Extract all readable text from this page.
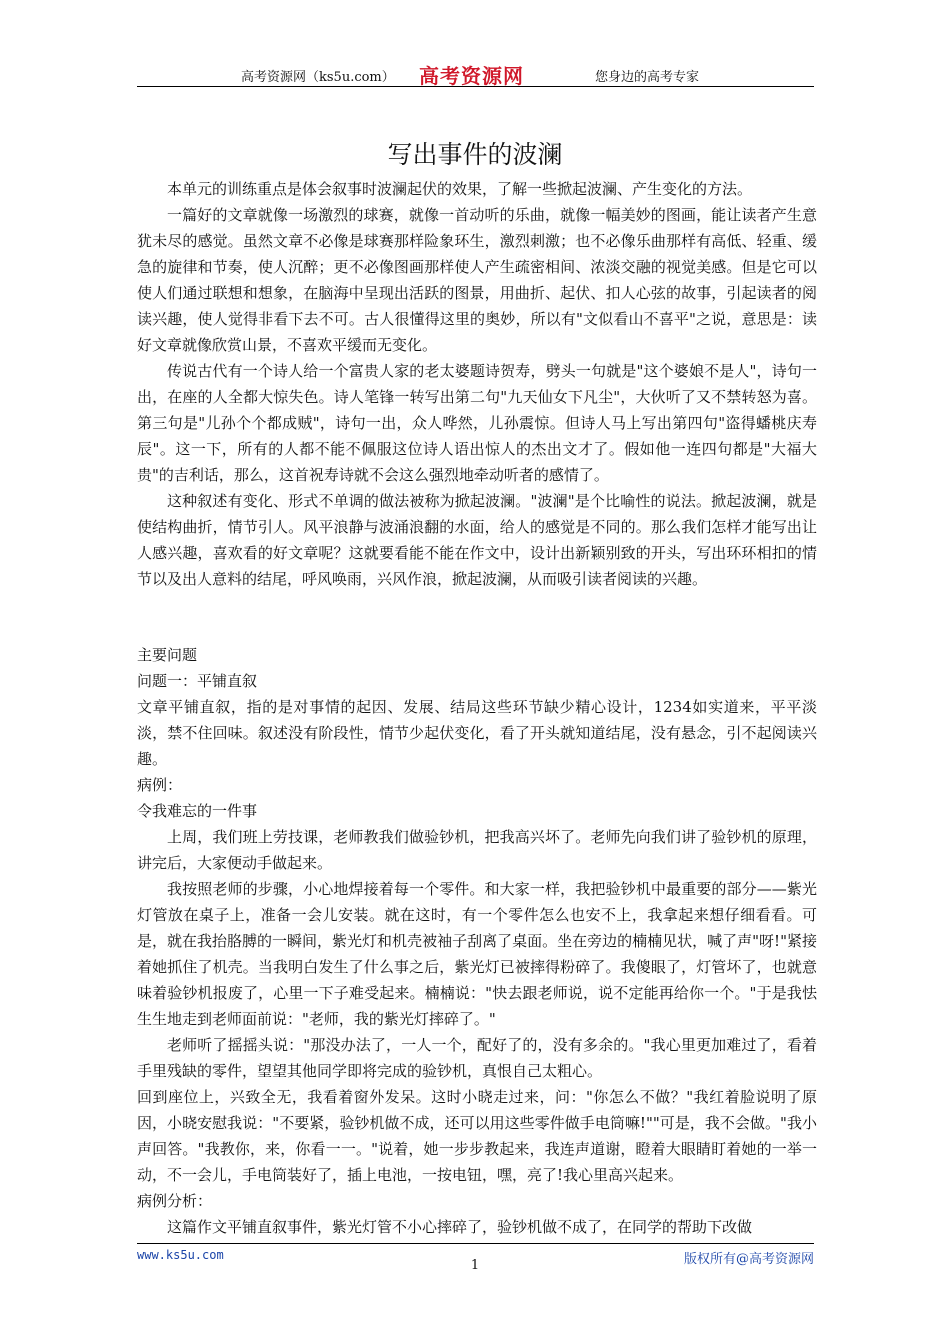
高考资源网（ks5u.com） 高考资源网	您身边的高考专家
写出事件的波澜

本单元的训练重点是体会叙事时波澜起伏的效果，了解一些掀起波澜、产生变化的方法。

一篇好的文章就像一场激烈的球赛，就像一首动听的乐曲，就像一幅美妙的图画，能让读者产生意犹未尽的感觉。虽然文章不必像是球赛那样险象环生，激烈刺激；也不必像乐曲那样有高低、轻重、缓急的旋律和节奏，使人沉醉；更不必像图画那样使人产生疏密相间、浓淡交融的视觉美感。但是它可以使人们通过联想和想象，在脑海中呈现出活跃的图景，用曲折、起伏、扣人心弦的故事，引起读者的阅读兴趣，使人觉得非看下去不可。古人很懂得这里的奥妙，所以有"文似看山不喜平"之说，意思是：读好文章就像欣赏山景，不喜欢平缓而无变化。

传说古代有一个诗人给一个富贵人家的老太婆题诗贺寿，劈头一句就是"这个婆娘不是人"，诗句一出，在座的人全都大惊失色。诗人笔锋一转写出第二句"九天仙女下凡尘"，大伙听了又不禁转怒为喜。第三句是"儿孙个个都成贼"，诗句一出，众人哗然，儿孙震惊。但诗人马上写出第四句"盗得蟠桃庆寿辰"。这一下，所有的人都不能不佩服这位诗人语出惊人的杰出文才了。假如他一连四句都是"大福大贵"的吉利话，那么，这首祝寿诗就不会这么强烈地牵动听者的感情了。

这种叙述有变化、形式不单调的做法被称为掀起波澜。"波澜"是个比喻性的说法。掀起波澜，就是使结构曲折，情节引人。风平浪静与波涌浪翻的水面，给人的感觉是不同的。那么我们怎样才能写出让人感兴趣，喜欢看的好文章呢？这就要看能不能在作文中，设计出新颖别致的开头，写出环环相扣的情节以及出人意料的结尾，呼风唤雨，兴风作浪，掀起波澜，从而吸引读者阅读的兴趣。

主要问题

问题一：平铺直叙

文章平铺直叙，指的是对事情的起因、发展、结局这些环节缺少精心设计，1234如实道来，平平淡淡，禁不住回味。叙述没有阶段性，情节少起伏变化，看了开头就知道结尾，没有悬念，引不起阅读兴趣。

病例：

令我难忘的一件事

上周，我们班上劳技课，老师教我们做验钞机，把我高兴坏了。老师先向我们讲了验钞机的原理，讲完后，大家便动手做起来。

我按照老师的步骤，小心地焊接着每一个零件。和大家一样，我把验钞机中最重要的部分——紫光灯管放在桌子上，准备一会儿安装。就在这时，有一个零件怎么也安不上，我拿起来想仔细看看。可是，就在我抬胳膊的一瞬间，紫光灯和机壳被袖子刮离了桌面。坐在旁边的楠楠见状，喊了声"呀!"紧接着她抓住了机壳。当我明白发生了什么事之后，紫光灯已被摔得粉碎了。我傻眼了，灯管坏了，也就意味着验钞机报废了，心里一下子难受起来。楠楠说："快去跟老师说，说不定能再给你一个。"于是我怯生生地走到老师面前说："老师，我的紫光灯摔碎了。"

老师听了摇摇头说："那没办法了，一人一个，配好了的，没有多余的。"我心里更加难过了，看着手里残缺的零件，望望其他同学即将完成的验钞机，真恨自己太粗心。

回到座位上，兴致全无，我看着窗外发呆。这时小晓走过来，问："你怎么不做？"我红着脸说明了原因，小晓安慰我说："不要紧，验钞机做不成，还可以用这些零件做手电筒嘛!""可是，我不会做。"我小声回答。"我教你，来，你看一一。"说着，她一步步教起来，我连声道谢，瞪着大眼睛盯着她的一举一动，不一会儿，手电筒装好了，插上电池，一按电钮，嘿，亮了!我心里高兴起来。

病例分析：

这篇作文平铺直叙事件，紫光灯管不小心摔碎了，验钞机做不成了，在同学的帮助下改做

www.ks5u.com	版权所有@高考资源网
1
